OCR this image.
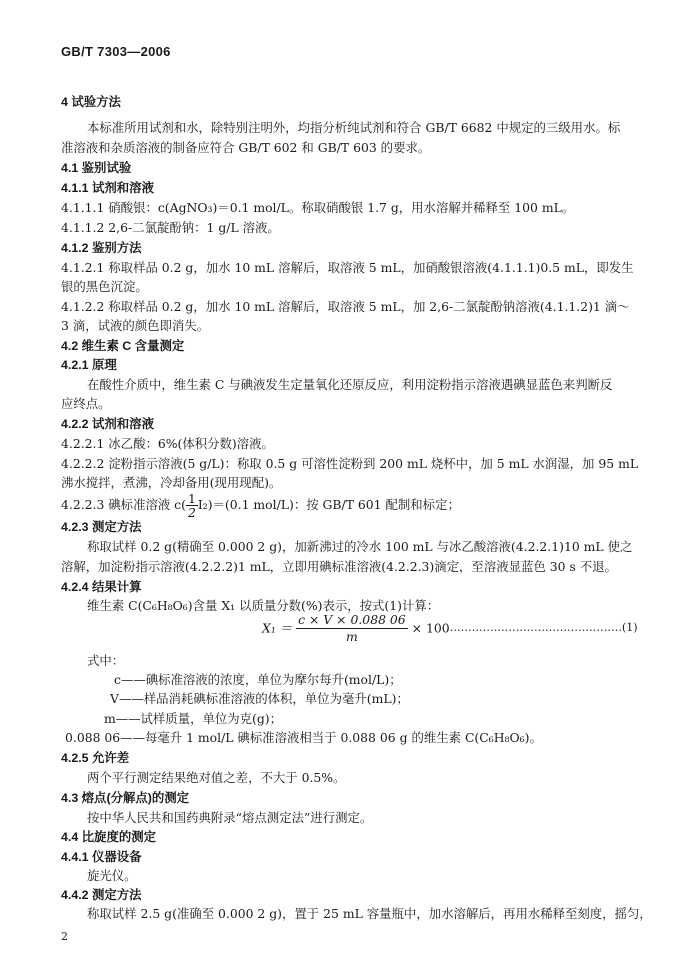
GB/T 7303—2006
4 试验方法
本标准所用试剂和水，除特别注明外，均指分析纯试剂和符合 GB/T 6682 中规定的三级用水。标
准溶液和杂质溶液的制备应符合 GB/T 602 和 GB/T 603 的要求。
4.1 鉴别试验
4.1.1 试剂和溶液
4.1.1.1 硝酸银：c(AgNO₃)＝0.1 mol/L。称取硝酸银 1.7 g，用水溶解并稀释至 100 mL。
4.1.1.2 2,6-二氯靛酚钠：1 g/L 溶液。
4.1.2 鉴别方法
4.1.2.1 称取样品 0.2 g，加水 10 mL 溶解后，取溶液 5 mL，加硝酸银溶液(4.1.1.1)0.5 mL，即发生
银的黑色沉淀。
4.1.2.2 称取样品 0.2 g，加水 10 mL 溶解后，取溶液 5 mL，加 2,6-二氯靛酚钠溶液(4.1.1.2)1 滴～
3 滴，试液的颜色即消失。
4.2 维生素 C 含量测定
4.2.1 原理
在酸性介质中，维生素 C 与碘液发生定量氧化还原反应，利用淀粉指示溶液遇碘显蓝色来判断反
应终点。
4.2.2 试剂和溶液
4.2.2.1 冰乙酸：6%(体积分数)溶液。
4.2.2.2 淀粉指示溶液(5 g/L)：称取 0.5 g 可溶性淀粉到 200 mL 烧杯中，加 5 mL 水润湿，加 95 mL
沸水搅拌，煮沸，冷却备用(现用现配)。
4.2.2.3 碘标准溶液 $c( \frac{1}{2} I_2)=(0.1$ mol/L)：按 GB/T 601 配制和标定；
4.2.3 测定方法
称取试样 0.2 g(精确至 0.000 2 g)，加新沸过的冷水 100 mL 与冰乙酸溶液(4.2.2.1)10 mL 使之
溶解，加淀粉指示溶液(4.2.2.2)1 mL，立即用碘标准溶液(4.2.2.3)滴定，至溶液显蓝色 30 s 不退。
4.2.4 结果计算
维生素 C(C₆H₈O₆)含量 X₁ 以质量分数(%)表示，按式(1)计算：
$X_1 = \frac{c \times V \times 0.088 06}{m} \times 100$
…………………………………………(1)
式中：
c——碘标准溶液的浓度，单位为摩尔每升(mol/L)；
V——样品消耗碘标准溶液的体积，单位为毫升(mL)；
m——试样质量，单位为克(g)；
0.088 06——每毫升 1 mol/L 碘标准溶液相当于 0.088 06 g 的维生素 C(C₆H₈O₆)。
4.2.5 允许差
两个平行测定结果绝对值之差，不大于 0.5%。
4.3 熔点(分解点)的测定
按中华人民共和国药典附录“熔点测定法”进行测定。
4.4 比旋度的测定
4.4.1 仪器设备
旋光仪。
4.4.2 测定方法
称取试样 2.5 g(准确至 0.000 2 g)，置于 25 mL 容量瓶中，加水溶解后，再用水稀释至刻度，摇匀，
2
